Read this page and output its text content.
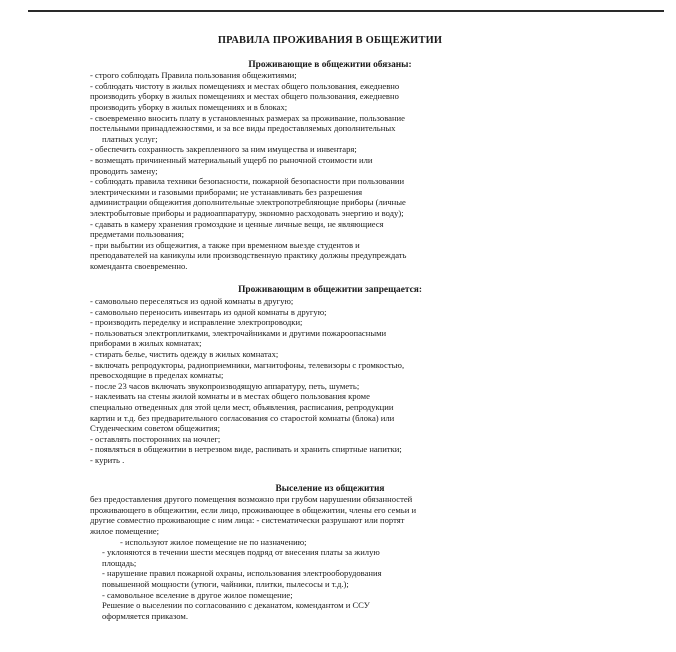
ПРАВИЛА ПРОЖИВАНИЯ В ОБЩЕЖИТИИ

Проживающие в общежитии обязаны:

- строго соблюдать Правила пользования общежитиями;

- соблюдать чистоту в жилых помещениях и местах общего пользования, ежедневно

производить уборку в жилых помещениях и местах общего пользования, ежедневно

производить уборку в жилых помещениях и в блоках;

- своевременно вносить плату в установленных размерах за проживание, пользование

постельными принадлежностями, и за все виды предоставляемых дополнительных

платных услуг;

- обеспечить сохранность закрепленного за ним имущества и инвентаря;

- возмещать причиненный материальный ущерб по рыночной стоимости или

проводить замену;

- соблюдать правила техники безопасности, пожарной безопасности при пользовании

электрическими и газовыми приборами; не устанавливать без разрешения

администрации общежития дополнительные электропотребляющие приборы (личные

электробытовые приборы и радиоаппаратуру, экономно расходовать энергию и воду);

- сдавать в камеру хранения громоздкие и ценные личные вещи, не являющиеся

предметами пользования;

- при выбытии из общежития, а также при временном выезде студентов и

преподавателей на каникулы или производственную практику должны предупреждать

коменданта своевременно.

Проживающим в общежитии запрещается:

- самовольно переселяться из одной комнаты в другую;

- самовольно переносить инвентарь из одной комнаты в другую;

- производить переделку и исправление электропроводки;

- пользоваться электроплитками, электрочайниками и другими пожароопасными

приборами в жилых комнатах;

- стирать белье, чистить одежду в жилых комнатах;

- включать репродукторы, радиоприемники, магнитофоны, телевизоры с громкостью,

превосходящие в пределах комнаты;

- после 23 часов включать звукопроизводящую аппаратуру, петь, шуметь;

- наклеивать на стены жилой комнаты и в местах общего пользования кроме

специально отведенных для этой цели мест, объявления, расписания, репродукции

картин и т.д. без предварительного согласования со старостой комнаты (блока) или

Студенческим советом общежития;

- оставлять посторонних на ночлег;

- появляться в общежитии в нетрезвом виде, распивать и хранить спиртные напитки;

- курить .

Выселение из общежития

без предоставления другого помещения возможно при грубом нарушении обязанностей

проживающего в общежитии, если лицо, проживающее в общежитии, члены его семьи и

другие совместно проживающие с ним лица: - систематически разрушают или портят

жилое помещение;

- используют жилое помещение не по назначению;

- уклоняются в течении шести месяцев подряд от внесения платы за жилую

площадь;

- нарушение правил пожарной охраны, использования электрооборудования

повышенной мощности (утюги, чайники, плитки, пылесосы и т.д.);

- самовольное вселение в другое жилое помещение;

Решение о выселении по согласованию с деканатом, комендантом и ССУ

оформляется приказом.
